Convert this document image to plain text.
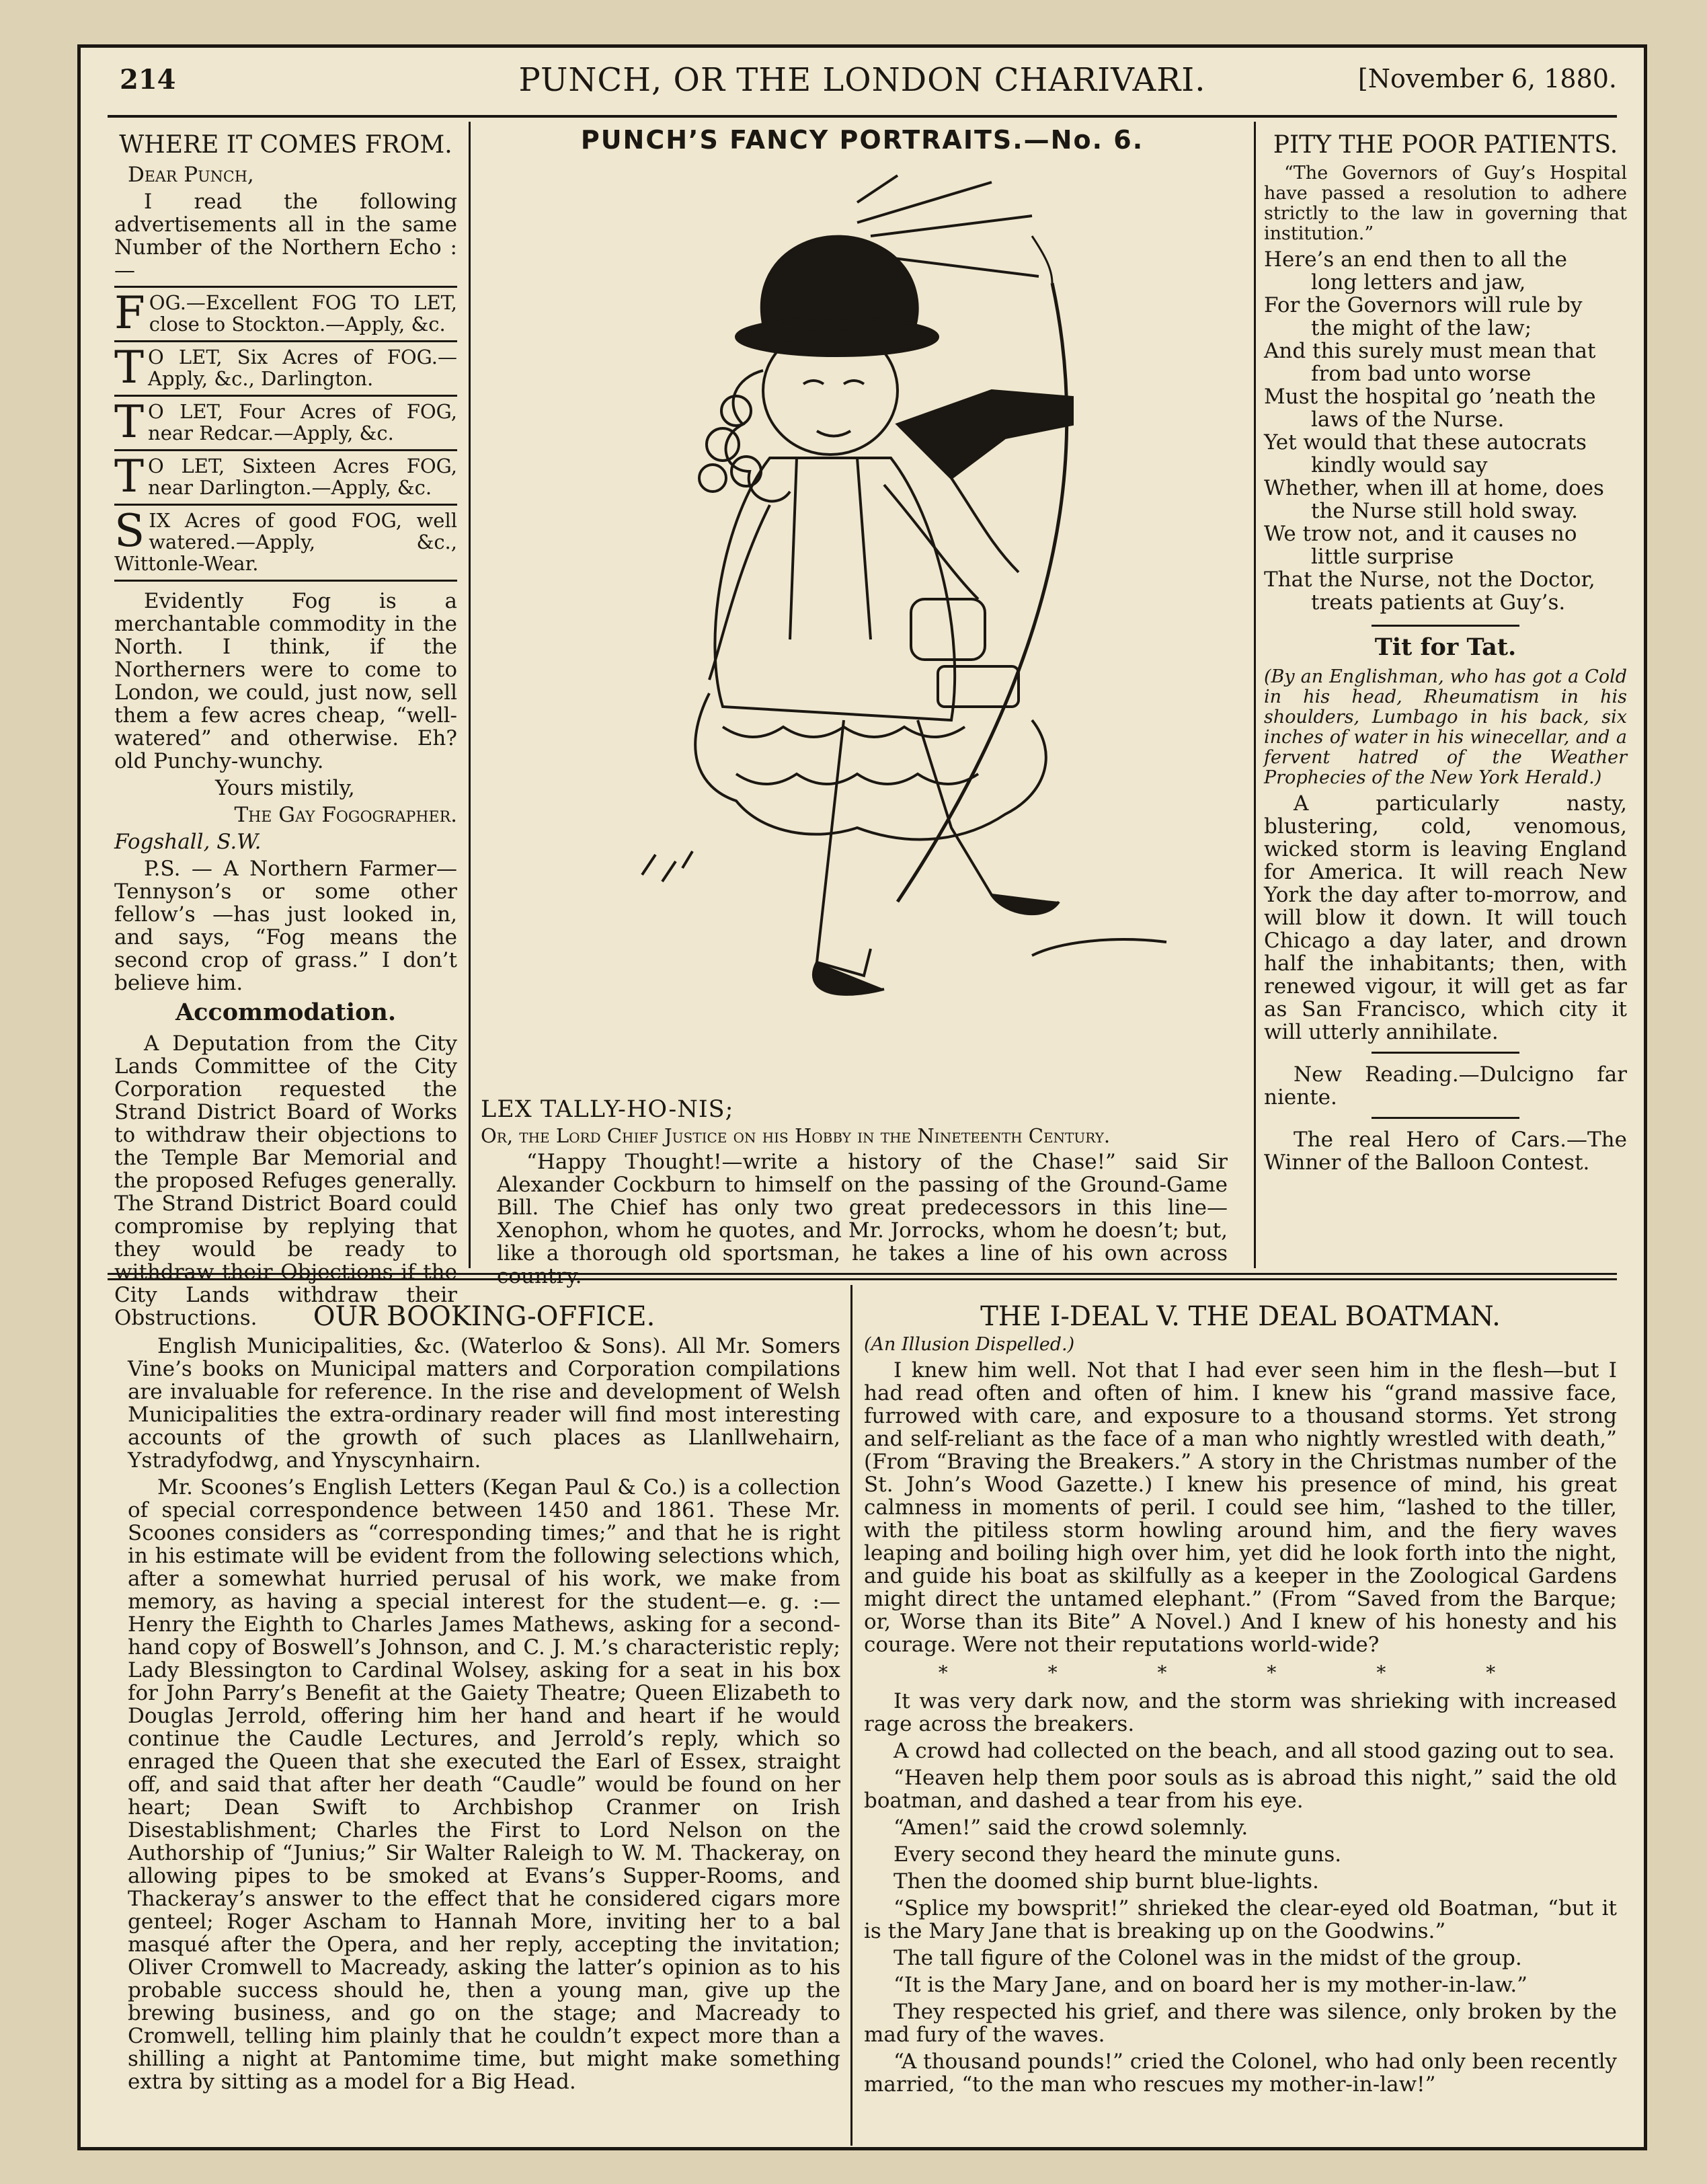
214	PUNCH, OR THE LONDON CHARIVARI.	[November 6, 1880.
WHERE IT COMES FROM.

Dear Punch,

I read the following advertisements all in the same Number of the Northern Echo :—

FOG.—Excellent FOG TO LET, close to Stockton.—Apply, &c.
T O LET, Six Acres of FOG.—Apply, &c., Darlington.
T O LET, Four Acres of FOG, near Redcar.—Apply, &c.
T O LET, Sixteen Acres FOG, near Darlington.—Apply, &c.
SIX Acres of good FOG, well watered.—Apply, &c., Wittonle-Wear.

Evidently Fog is a merchantable commodity in the North. I think, if the Northerners were to come to London, we could, just now, sell them a few acres cheap, “well-watered” and otherwise. Eh? old Punchy-wunchy.

Yours mistily,

The Gay Fogographer.

Fogshall, S.W.

P.S. — A Northern Farmer— Tennyson’s or some other fellow’s —has just looked in, and says, “Fog means the second crop of grass.” I don’t believe him.

Accommodation.

A Deputation from the City Lands Committee of the City Corporation requested the Strand District Board of Works to withdraw their objections to the Temple Bar Memorial and the proposed Refuges generally. The Strand District Board could compromise by replying that they would be ready to withdraw their Objections if the City Lands withdraw their Obstructions.

PUNCH’S FANCY PORTRAITS.—No. 6.

LEX TALLY-HO-NIS;

Or, the Lord Chief Justice on his Hobby in the Nineteenth Century.

“Happy Thought!—write a history of the Chase!” said Sir Alexander Cockburn to himself on the passing of the Ground-Game Bill. The Chief has only two great predecessors in this line—Xenophon, whom he quotes, and Mr. Jorrocks, whom he doesn’t; but, like a thorough old sportsman, he takes a line of his own across country.

PITY THE POOR PATIENTS.

“The Governors of Guy’s Hospital have passed a resolution to adhere strictly to the law in governing that institution.”

Here’s an end then to all the
long letters and jaw,
For the Governors will rule by
the might of the law;
And this surely must mean that
from bad unto worse
Must the hospital go ’neath the
laws of the Nurse.
Yet would that these autocrats
kindly would say
Whether, when ill at home, does
the Nurse still hold sway.
We trow not, and it causes no
little surprise
That the Nurse, not the Doctor,
treats patients at Guy’s.
Tit for Tat.

(By an Englishman, who has got a Cold in his head, Rheumatism in his shoulders, Lumbago in his back, six inches of water in his winecellar, and a fervent hatred of the Weather Prophecies of the New York Herald.)

A particularly nasty, blustering, cold, venomous, wicked storm is leaving England for America. It will reach New York the day after to-morrow, and will blow it down. It will touch Chicago a day later, and drown half the inhabitants; then, with renewed vigour, it will get as far as San Francisco, which city it will utterly annihilate.

New Reading.—Dulcigno far niente.

The real Hero of Cars.—The Winner of the Balloon Contest.

OUR BOOKING-OFFICE.

English Municipalities, &c. (Waterloo & Sons). All Mr. Somers Vine’s books on Municipal matters and Corporation compilations are invaluable for reference. In the rise and development of Welsh Municipalities the extra-ordinary reader will find most interesting accounts of the growth of such places as Llanllwehairn, Ystradyfodwg, and Ynyscynhairn.

Mr. Scoones’s English Letters (Kegan Paul & Co.) is a collection of special correspondence between 1450 and 1861. These Mr. Scoones considers as “corresponding times;” and that he is right in his estimate will be evident from the following selections which, after a somewhat hurried perusal of his work, we make from memory, as having a special interest for the student—e. g. :—Henry the Eighth to Charles James Mathews, asking for a second-hand copy of Boswell’s Johnson, and C. J. M.’s characteristic reply; Lady Blessington to Cardinal Wolsey, asking for a seat in his box for John Parry’s Benefit at the Gaiety Theatre; Queen Elizabeth to Douglas Jerrold, offering him her hand and heart if he would continue the Caudle Lectures, and Jerrold’s reply, which so enraged the Queen that she executed the Earl of Essex, straight off, and said that after her death “Caudle” would be found on her heart; Dean Swift to Archbishop Cranmer on Irish Disestablishment; Charles the First to Lord Nelson on the Authorship of “Junius;” Sir Walter Raleigh to W. M. Thackeray, on allowing pipes to be smoked at Evans’s Supper-Rooms, and Thackeray’s answer to the effect that he considered cigars more genteel; Roger Ascham to Hannah More, inviting her to a bal masqué after the Opera, and her reply, accepting the invitation; Oliver Cromwell to Macready, asking the latter’s opinion as to his probable success should he, then a young man, give up the brewing business, and go on the stage; and Macready to Cromwell, telling him plainly that he couldn’t expect more than a shilling a night at Pantomime time, but might make something extra by sitting as a model for a Big Head.

THE I-DEAL V. THE DEAL BOATMAN.

(An Illusion Dispelled.)

I knew him well. Not that I had ever seen him in the flesh—but I had read often and often of him. I knew his “grand massive face, furrowed with care, and exposure to a thousand storms. Yet strong and self-reliant as the face of a man who nightly wrestled with death,” (From “Braving the Breakers.” A story in the Christmas number of the St. John’s Wood Gazette.) I knew his presence of mind, his great calmness in moments of peril. I could see him, “lashed to the tiller, with the pitiless storm howling around him, and the fiery waves leaping and boiling high over him, yet did he look forth into the night, and guide his boat as skilfully as a keeper in the Zoological Gardens might direct the untamed elephant.” (From “Saved from the Barque; or, Worse than its Bite” A Novel.) And I knew of his honesty and his courage. Were not their reputations world-wide?

* * * * * *

It was very dark now, and the storm was shrieking with increased rage across the breakers.

A crowd had collected on the beach, and all stood gazing out to sea.

“Heaven help them poor souls as is abroad this night,” said the old boatman, and dashed a tear from his eye.

“Amen!” said the crowd solemnly.

Every second they heard the minute guns.

Then the doomed ship burnt blue-lights.

“Splice my bowsprit!” shrieked the clear-eyed old Boatman, “but it is the Mary Jane that is breaking up on the Goodwins.”

The tall figure of the Colonel was in the midst of the group.

“It is the Mary Jane, and on board her is my mother-in-law.”

They respected his grief, and there was silence, only broken by the mad fury of the waves.

“A thousand pounds!” cried the Colonel, who had only been recently married, “to the man who rescues my mother-in-law!”
